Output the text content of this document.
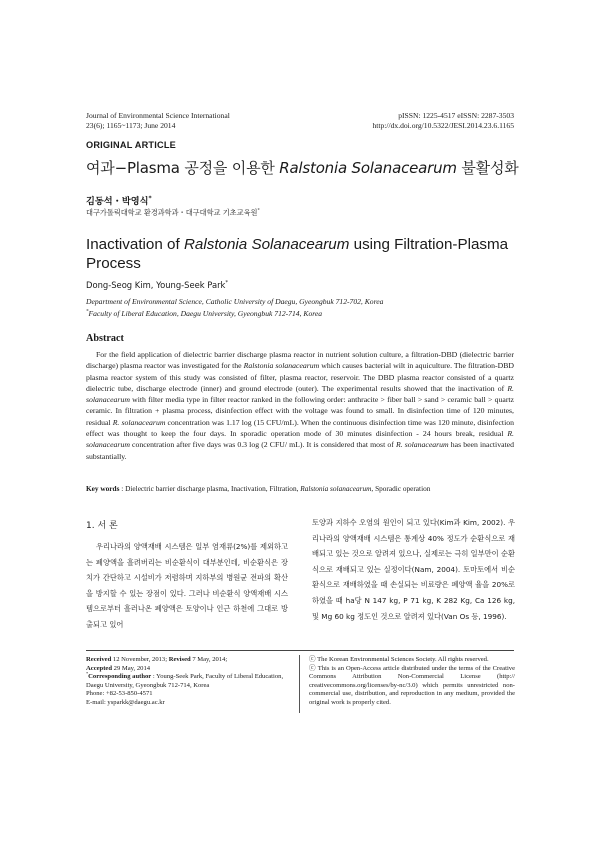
Journal of Environmental Science International
23(6); 1165~1173; June 2014
pISSN: 1225-4517 eISSN: 2287-3503
http://dx.doi.org/10.5322/JESI.2014.23.6.1165
ORIGINAL ARTICLE
여과−Plasma 공정을 이용한 Ralstonia Solanacearum 불활성화
김동석・박영식*
대구가톨릭대학교 환경과학과・대구대학교 기초교육원*
Inactivation of Ralstonia Solanacearum using Filtration-Plasma Process
Dong-Seog Kim, Young-Seek Park*
Department of Environmental Science, Catholic University of Daegu, Gyeongbuk 712-702, Korea
*Faculty of Liberal Education, Daegu University, Gyeongbuk 712-714, Korea
Abstract
For the field application of dielectric barrier discharge plasma reactor in nutrient solution culture, a filtration-DBD (dielectric barrier discharge) plasma reactor was investigated for the Ralstonia solanacearum which causes bacterial wilt in aquiculture. The filtration-DBD plasma reactor system of this study was consisted of filter, plasma reactor, reservoir. The DBD plasma reactor consisted of a quartz dielectric tube, discharge electrode (inner) and ground electrode (outer). The experimental results showed that the inactivation of R. solanacearum with filter media type in filter reactor ranked in the following order: anthracite > fiber ball > sand > ceramic ball > quartz ceramic. In filtration + plasma process, disinfection effect with the voltage was found to small. In disinfection time of 120 minutes, residual R. solanacearum concentration was 1.17 log (15 CFU/mL). When the continuous disinfection time was 120 minute, disinfection effect was thought to keep the four days. In sporadic operation mode of 30 minutes disinfection - 24 hours break, residual R. solanacearum concentration after five days was 0.3 log (2 CFU/ mL). It is considered that most of R. solanacearum has been inactivated substantially.
Key words : Dielectric barrier discharge plasma, Inactivation, Filtration, Ralstonia solanacearum, Sporadic operation
1. 서 론

우리나라의 양액재배 시스템은 일부 염재류(2%)를 제외하고는 폐양액을 흘려버리는 비순환식이 대부분인데, 비순환식은 장치가 간단하고 시설비가 저렴하며 지하부의 병원균 전파의 확산을 방지할 수 있는 장점이 있다. 그러나 비순환식 양액재배 시스템으로부터 흘러나온 폐양액은 토양이나 인근 하천에 그대로 방출되고 있어

토양과 지하수 오염의 원인이 되고 있다(Kim과 Kim, 2002). 우리나라의 양액재배 시스템은 통계상 40% 정도가 순환식으로 재배되고 있는 것으로 알려져 있으나, 실제로는 극히 일부만이 순환식으로 재배되고 있는 실정이다(Nam, 2004). 토마토에서 비순환식으로 재배하였을 때 손실되는 비료량은 폐양액 율을 20%로 하였을 때 ha당 N 147 kg, P 71 kg, K 282 Kg, Ca 126 kg, 및 Mg 60 kg 정도인 것으로 알려져 있다(Van Os 등, 1996).

Received 12 November, 2013; Revised 7 May, 2014;
Accepted 29 May, 2014
*Corresponding author : Young-Seek Park, Faculty of Liberal Education, Daegu University, Gyeongbuk 712-714, Korea
Phone: +82-53-850-4571
E-mail: ysparkk@daegu.ac.kr
ⓒ The Korean Environmental Sciences Society. All rights reserved.
ⓒ This is an Open-Access article distributed under the terms of the Creative Commons Attribution Non-Commercial License (http:// creativecommons.org/licenses/by-nc/3.0) which permits unrestricted non-commercial use, distribution, and reproduction in any medium, provided the original work is properly cited.
